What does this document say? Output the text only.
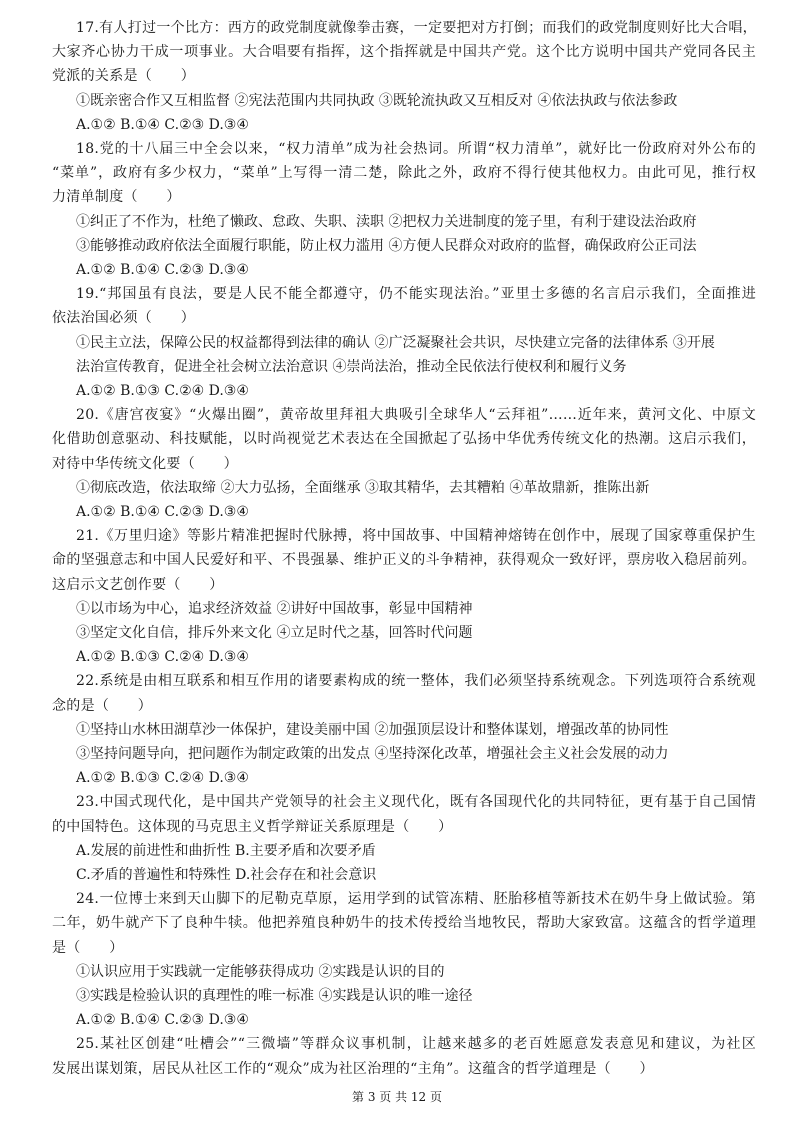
17.有人打过一个比方：西方的政党制度就像拳击赛，一定要把对方打倒；而我们的政党制度则好比大合唱，
大家齐心协力干成一项事业。大合唱要有指挥，这个指挥就是中国共产党。这个比方说明中国共产党同各民主
党派的关系是（　　）
①既亲密合作又互相监督 ②宪法范围内共同执政 ③既轮流执政又互相反对 ④依法执政与依法参政
A.①② B.①④ C.②③ D.③④
18.党的十八届三中全会以来，“权力清单”成为社会热词。所谓“权力清单”，就好比一份政府对外公布的
“菜单”，政府有多少权力，“菜单”上写得一清二楚，除此之外，政府不得行使其他权力。由此可见，推行权
力清单制度（　　）
①纠正了不作为，杜绝了懒政、怠政、失职、渎职 ②把权力关进制度的笼子里，有利于建设法治政府
③能够推动政府依法全面履行职能，防止权力滥用 ④方便人民群众对政府的监督，确保政府公正司法
A.①② B.①④ C.②③ D.③④
19.“邦国虽有良法，要是人民不能全都遵守，仍不能实现法治。”亚里士多德的名言启示我们，全面推进
依法治国必须（　　）
①民主立法，保障公民的权益都得到法律的确认 ②广泛凝聚社会共识，尽快建立完备的法律体系 ③开展
法治宣传教育，促进全社会树立法治意识 ④崇尚法治，推动全民依法行使权利和履行义务
A.①② B.①③ C.②④ D.③④
20.《唐宫夜宴》“火爆出圈”，黄帝故里拜祖大典吸引全球华人“云拜祖”……近年来，黄河文化、中原文
化借助创意驱动、科技赋能，以时尚视觉艺术表达在全国掀起了弘扬中华优秀传统文化的热潮。这启示我们，
对待中华传统文化要（　　）
①彻底改造，依法取缔 ②大力弘扬，全面继承 ③取其精华，去其糟粕 ④革故鼎新，推陈出新
A.①② B.①④ C.②③ D.③④
21.《万里归途》等影片精准把握时代脉搏，将中国故事、中国精神熔铸在创作中，展现了国家尊重保护生
命的坚强意志和中国人民爱好和平、不畏强暴、维护正义的斗争精神，获得观众一致好评，票房收入稳居前列。
这启示文艺创作要（　　）
①以市场为中心，追求经济效益 ②讲好中国故事，彰显中国精神
③坚定文化自信，排斥外来文化 ④立足时代之基，回答时代问题
A.①② B.①③ C.②④ D.③④
22.系统是由相互联系和相互作用的诸要素构成的统一整体，我们必须坚持系统观念。下列选项符合系统观
念的是（　　）
①坚持山水林田湖草沙一体保护，建设美丽中国 ②加强顶层设计和整体谋划，增强改革的协同性
③坚持问题导向，把问题作为制定政策的出发点 ④坚持深化改革，增强社会主义社会发展的动力
A.①② B.①③ C.②④ D.③④
23.中国式现代化，是中国共产党领导的社会主义现代化，既有各国现代化的共同特征，更有基于自己国情
的中国特色。这体现的马克思主义哲学辩证关系原理是（　　）
A.发展的前进性和曲折性 B.主要矛盾和次要矛盾
C.矛盾的普遍性和特殊性 D.社会存在和社会意识
24.一位博士来到天山脚下的尼勒克草原，运用学到的试管冻精、胚胎移植等新技术在奶牛身上做试验。第
二年，奶牛就产下了良种牛犊。他把养殖良种奶牛的技术传授给当地牧民，帮助大家致富。这蕴含的哲学道理
是（　　）
①认识应用于实践就一定能够获得成功 ②实践是认识的目的
③实践是检验认识的真理性的唯一标准 ④实践是认识的唯一途径
A.①② B.①④ C.②③ D.③④
25.某社区创建“吐槽会”“三微墙”等群众议事机制，让越来越多的老百姓愿意发表意见和建议，为社区
发展出谋划策，居民从社区工作的“观众”成为社区治理的“主角”。这蕴含的哲学道理是（　　）
第 3 页 共 12 页
